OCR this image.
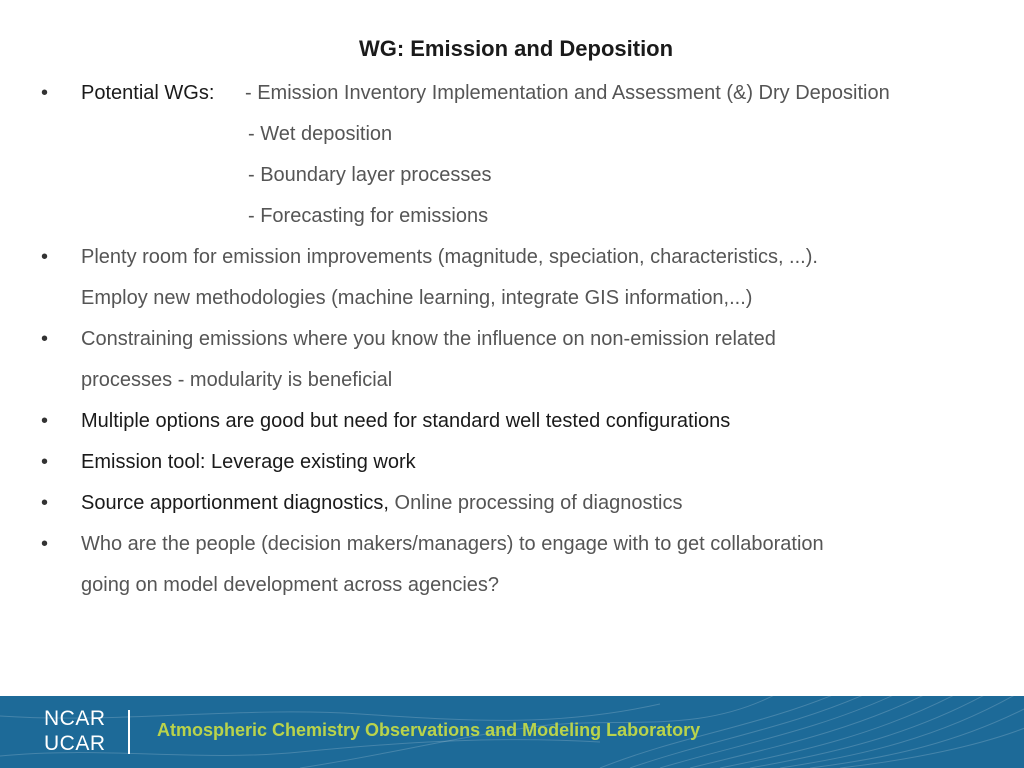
WG: Emission and Deposition
• Potential WGs: - Emission Inventory Implementation and Assessment (&) Dry Deposition
- Wet deposition
- Boundary layer processes
- Forecasting for emissions
• Plenty room for emission improvements (magnitude, speciation, characteristics, ...).
Employ new methodologies (machine learning, integrate GIS information,...)
• Constraining emissions where you know the influence on non-emission related
processes - modularity is beneficial
• Multiple options are good but need for standard well tested configurations
• Emission tool: Leverage existing work
• Source apportionment diagnostics, Online processing of diagnostics
• Who are the people (decision makers/managers) to engage with to get collaboration
going on model development across agencies?
NCAR
UCAR
Atmospheric Chemistry Observations and Modeling Laboratory
